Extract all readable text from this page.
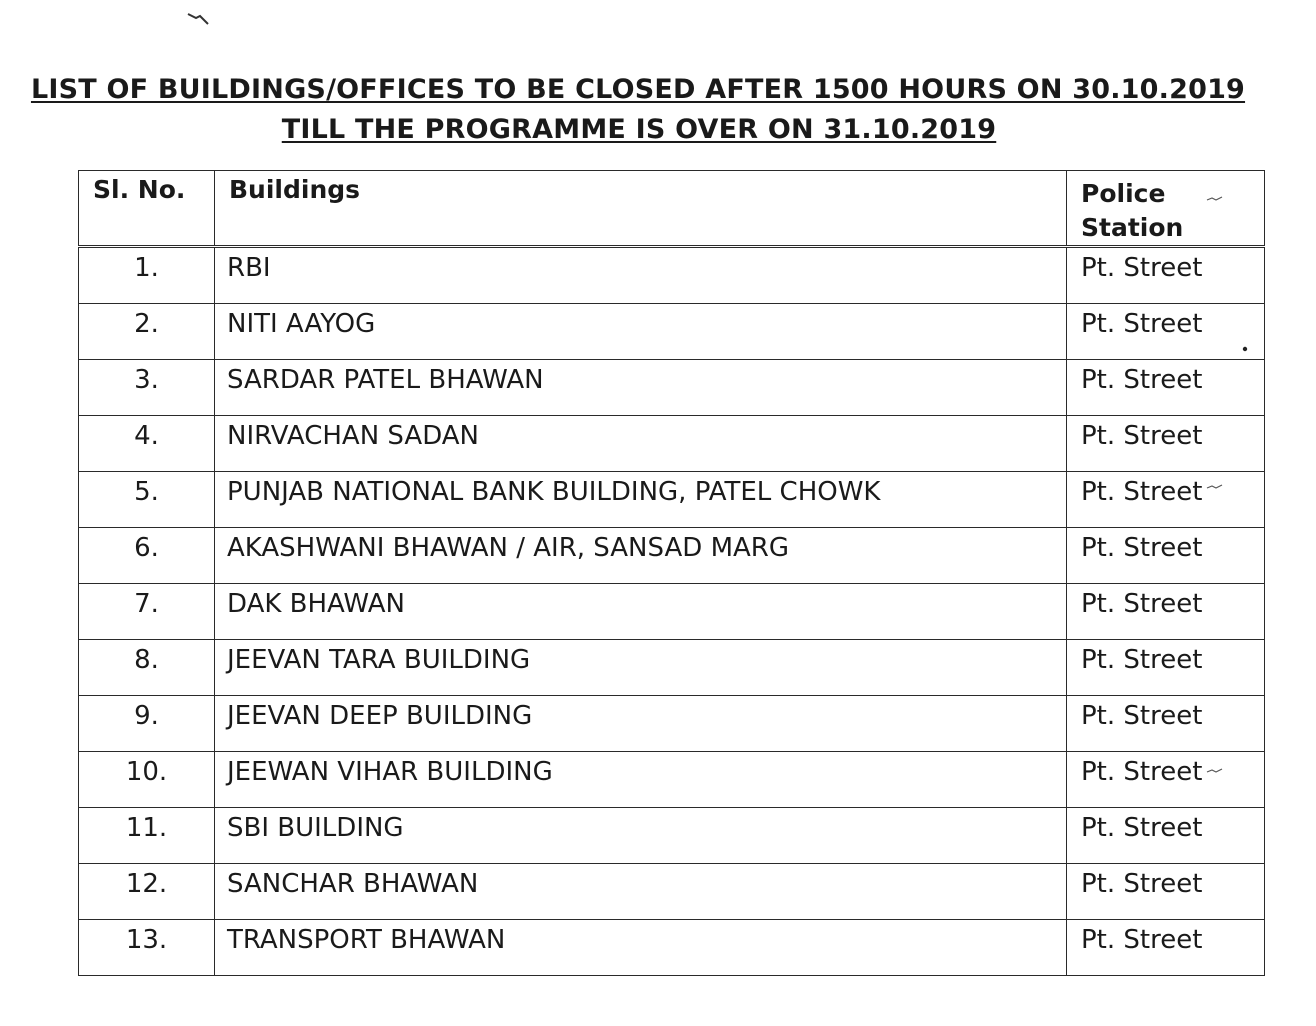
LIST OF BUILDINGS/OFFICES TO BE CLOSED AFTER 1500 HOURS ON 30.10.2019
TILL THE PROGRAMME IS OVER ON 31.10.2019
Sl. No.	Buildings	Police Station

1.	RBI	Pt. Street

2.	NITI AAYOG	Pt. Street

3.	SARDAR PATEL BHAWAN	Pt. Street

4.	NIRVACHAN SADAN	Pt. Street

5.	PUNJAB NATIONAL BANK BUILDING, PATEL CHOWK	Pt. Street

6.	AKASHWANI BHAWAN / AIR, SANSAD MARG	Pt. Street

7.	DAK BHAWAN	Pt. Street

8.	JEEVAN TARA BUILDING	Pt. Street

9.	JEEVAN DEEP BUILDING	Pt. Street

10.	JEEWAN VIHAR BUILDING	Pt. Street

11.	SBI BUILDING	Pt. Street

12.	SANCHAR BHAWAN	Pt. Street

13.	TRANSPORT BHAWAN	Pt. Street
